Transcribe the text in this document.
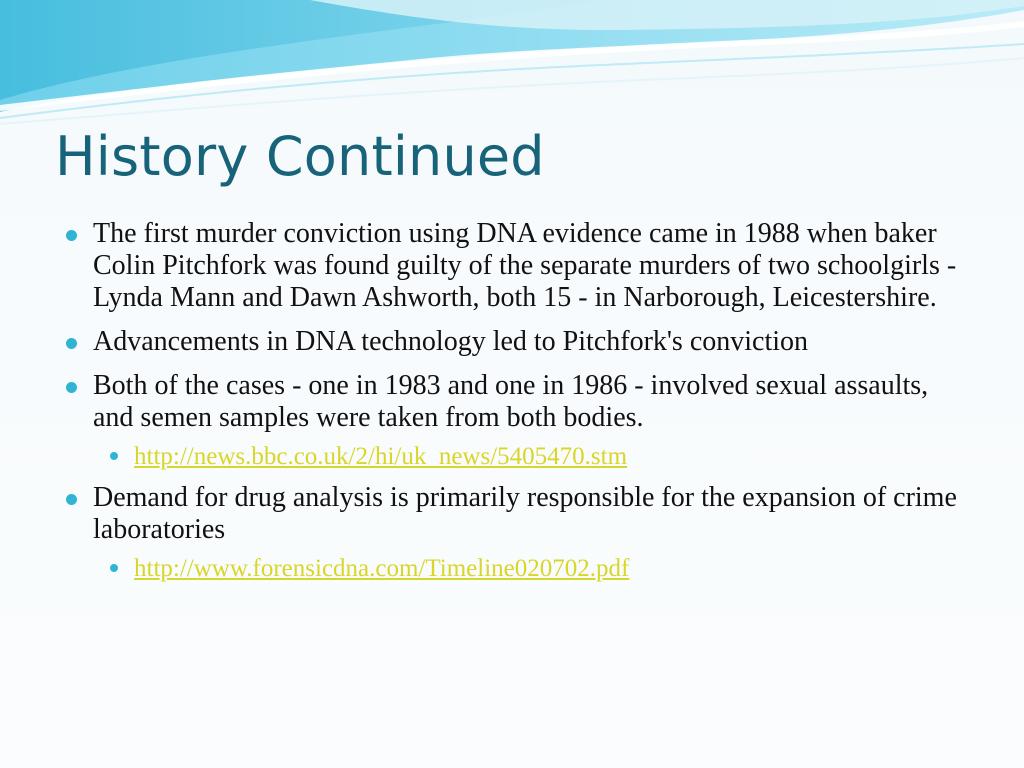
History Continued
The first murder conviction using DNA evidence came in 1988 when baker Colin Pitchfork was found guilty of the separate murders of two schoolgirls - Lynda Mann and Dawn Ashworth, both 15 - in Narborough, Leicestershire.
Advancements in DNA technology led to Pitchfork's conviction
Both of the cases - one in 1983 and one in 1986 - involved sexual assaults, and semen samples were taken from both bodies.
http://news.bbc.co.uk/2/hi/uk_news/5405470.stm
Demand for drug analysis is primarily responsible for the expansion of crime laboratories
http://www.forensicdna.com/Timeline020702.pdf
